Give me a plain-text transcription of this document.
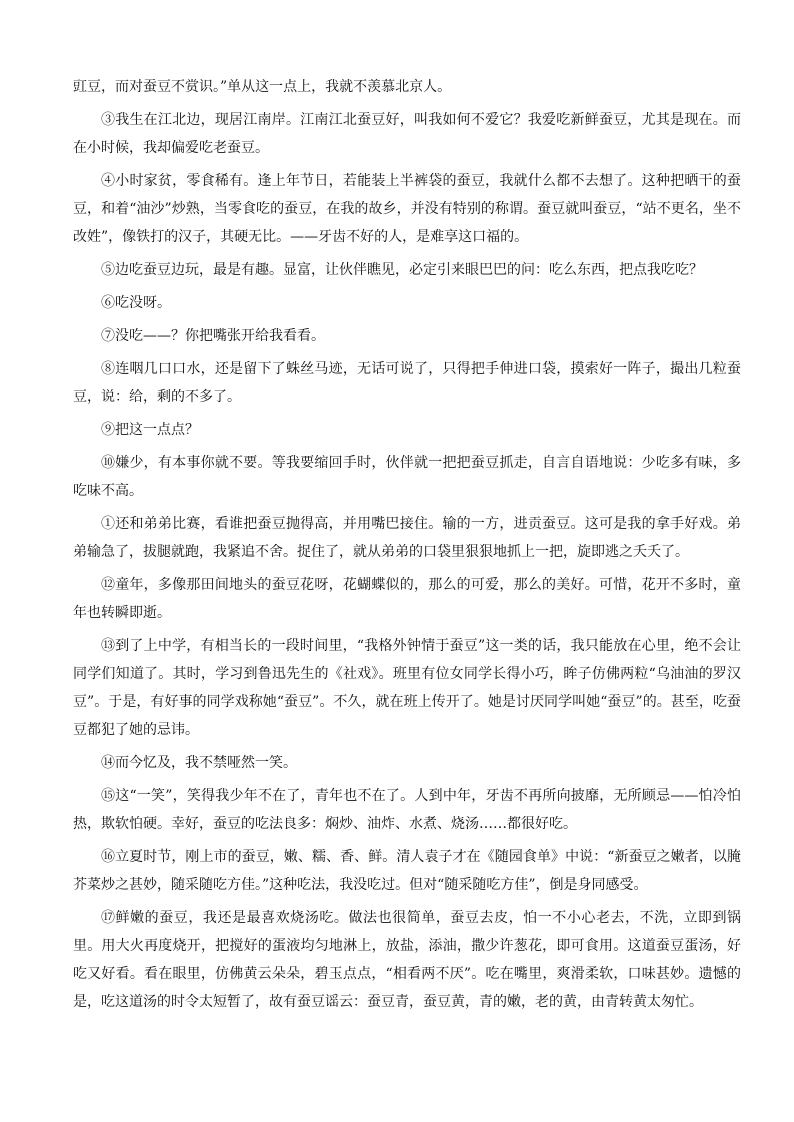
豇豆，而对蚕豆不赏识。”单从这一点上，我就不羡慕北京人。

③我生在江北边，现居江南岸。江南江北蚕豆好，叫我如何不爱它？我爱吃新鲜蚕豆，尤其是现在。而在小时候，我却偏爱吃老蚕豆。

④小时家贫，零食稀有。逢上年节日，若能装上半裤袋的蚕豆，我就什么都不去想了。这种把晒干的蚕豆，和着“油沙”炒熟，当零食吃的蚕豆，在我的故乡，并没有特别的称谓。蚕豆就叫蚕豆，“站不更名，坐不改姓”，像铁打的汉子，其硬无比。——牙齿不好的人，是难享这口福的。

⑤边吃蚕豆边玩，最是有趣。显富，让伙伴瞧见，必定引来眼巴巴的问：吃么东西，把点我吃吃？

⑥吃没呀。

⑦没吃——？你把嘴张开给我看看。

⑧连咽几口口水，还是留下了蛛丝马迹，无话可说了，只得把手伸进口袋，摸索好一阵子，撮出几粒蚕豆，说：给，剩的不多了。

⑨把这一点点？

⑩嫌少，有本事你就不要。等我要缩回手时，伙伴就一把把蚕豆抓走，自言自语地说：少吃多有味，多吃味不高。

①还和弟弟比赛，看谁把蚕豆抛得高，并用嘴巴接住。输的一方，进贡蚕豆。这可是我的拿手好戏。弟弟输急了，拔腿就跑，我紧追不舍。捉住了，就从弟弟的口袋里狠狠地抓上一把，旋即逃之夭夭了。

⑫童年，多像那田间地头的蚕豆花呀，花蝴蝶似的，那么的可爱，那么的美好。可惜，花开不多时，童年也转瞬即逝。

⑬到了上中学，有相当长的一段时间里，“我格外钟情于蚕豆”这一类的话，我只能放在心里，绝不会让同学们知道了。其时，学习到鲁迅先生的《社戏》。班里有位女同学长得小巧，眸子仿佛两粒“乌油油的罗汉豆”。于是，有好事的同学戏称她“蚕豆”。不久，就在班上传开了。她是讨厌同学叫她“蚕豆”的。甚至，吃蚕豆都犯了她的忌讳。

⑭而今忆及，我不禁哑然一笑。

⑮这“一笑”，笑得我少年不在了，青年也不在了。人到中年，牙齿不再所向披靡，无所顾忌——怕冷怕热，欺软怕硬。幸好，蚕豆的吃法良多：焖炒、油炸、水煮、烧汤……都很好吃。

⑯立夏时节，刚上市的蚕豆，嫩、糯、香、鲜。清人袁子才在《随园食单》中说：“新蚕豆之嫩者，以腌芥菜炒之甚妙，随采随吃方佳。”这种吃法，我没吃过。但对“随采随吃方佳”，倒是身同感受。

⑰鲜嫩的蚕豆，我还是最喜欢烧汤吃。做法也很简单，蚕豆去皮，怕一不小心老去，不洗，立即到锅里。用大火再度烧开，把搅好的蛋液均匀地淋上，放盐，添油，撒少许葱花，即可食用。这道蚕豆蛋汤，好吃又好看。看在眼里，仿佛黄云朵朵，碧玉点点，“相看两不厌”。吃在嘴里，爽滑柔软，口味甚妙。遗憾的是，吃这道汤的时令太短暂了，故有蚕豆谣云：蚕豆青，蚕豆黄，青的嫩，老的黄，由青转黄太匆忙。
